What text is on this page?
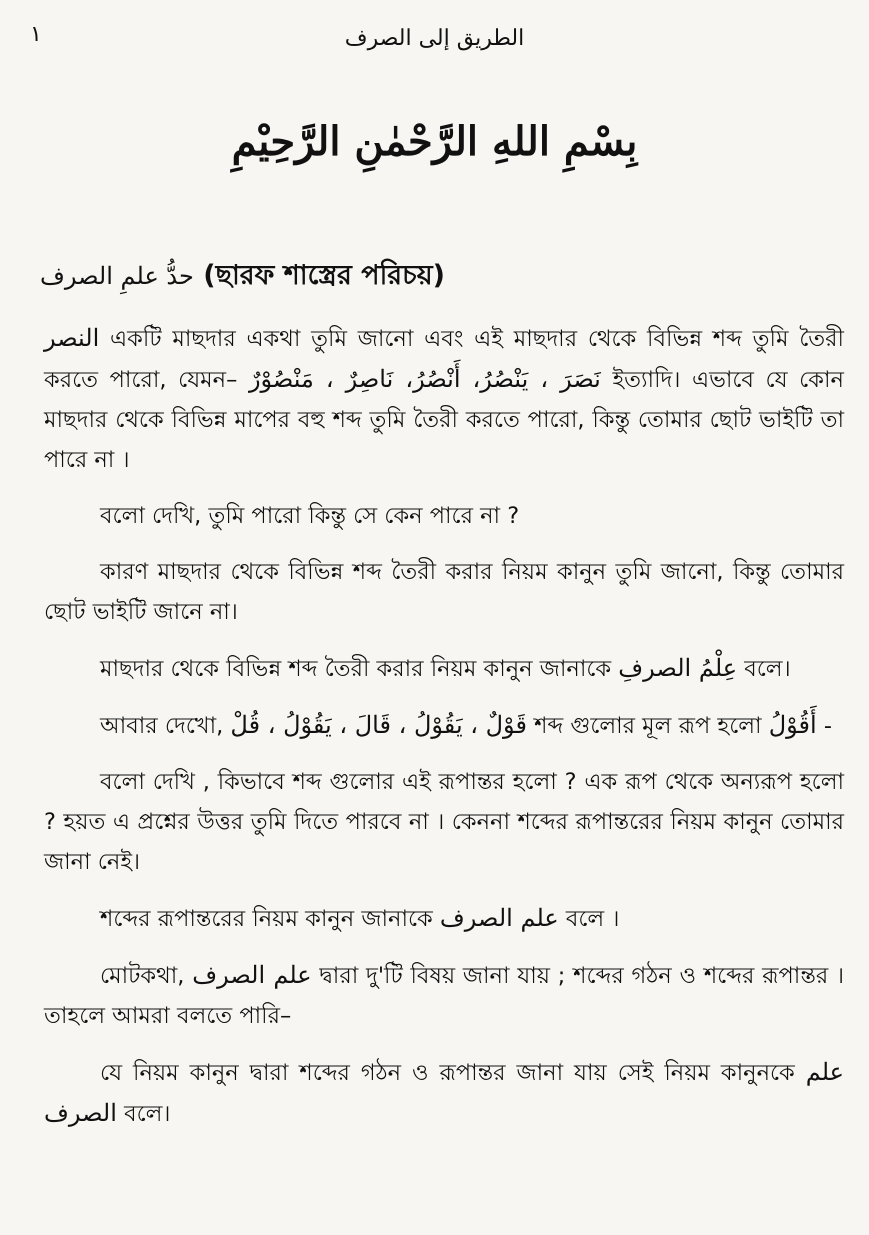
١	الطريق إلى الصرف
بِسْمِ اللهِ الرَّحْمٰنِ الرَّحِيْمِ
حدُّ علمِ الصرف (ছারফ শাস্ত্রের পরিচয়)

النصر একটি মাছদার একথা তুমি জানো এবং এই মাছদার থেকে বিভিন্ন শব্দ তুমি তৈরী করতে পারো, যেমন– نَصَرَ ، يَنْصُرُ، أَنْصُرُ، نَاصِرٌ ، مَنْصُوْرٌ ইত্যাদি। এভাবে যে কোন মাছদার থেকে বিভিন্ন মাপের বহু শব্দ তুমি তৈরী করতে পারো, কিন্তু তোমার ছোট ভাইটি তা পারে না ।

বলো দেখি, তুমি পারো কিন্তু সে কেন পারে না ?

কারণ মাছদার থেকে বিভিন্ন শব্দ তৈরী করার নিয়ম কানুন তুমি জানো, কিন্তু তোমার ছোট ভাইটি জানে না।

মাছদার থেকে বিভিন্ন শব্দ তৈরী করার নিয়ম কানুন জানাকে عِلْمُ الصرفِ বলে।

আবার দেখো, قَوْلٌ ، يَقُوْلُ ، قَالَ ، يَقُوْلُ ، قُلْ শব্দ গুলোর মূল রূপ হলো أَقُوْلُ -

বলো দেখি , কিভাবে শব্দ গুলোর এই রূপান্তর হলো ? এক রূপ থেকে অন্যরূপ হলো ? হয়ত এ প্রশ্নের উত্তর তুমি দিতে পারবে না । কেননা শব্দের রূপান্তরের নিয়ম কানুন তোমার জানা নেই।

শব্দের রূপান্তরের নিয়ম কানুন জানাকে علم الصرف বলে ।

মোটকথা, علم الصرف দ্বারা দু'টি বিষয় জানা যায় ; শব্দের গঠন ও শব্দের রূপান্তর । তাহলে আমরা বলতে পারি–

যে নিয়ম কানুন দ্বারা শব্দের গঠন ও রূপান্তর জানা যায় সেই নিয়ম কানুনকে علم الصرف বলে।
